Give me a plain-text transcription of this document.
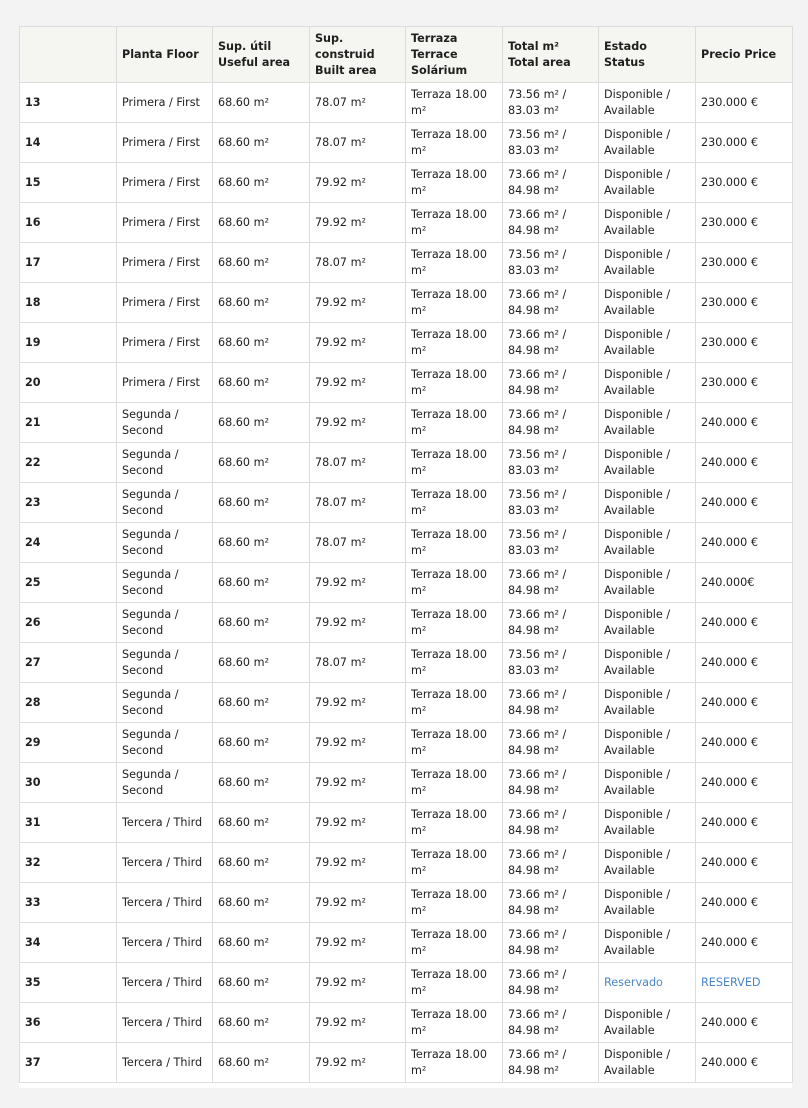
	Planta Floor	Sup. útil Useful area	Sup. construid Built area	Terraza Terrace Solárium	Total m² Total area	Estado Status	Precio Price
13	Primera / First	68.60 m²	78.07 m²	Terraza 18.00 m²	73.56 m² / 83.03 m²	Disponible / Available	230.000 €
14	Primera / First	68.60 m²	78.07 m²	Terraza 18.00 m²	73.56 m² / 83.03 m²	Disponible / Available	230.000 €
15	Primera / First	68.60 m²	79.92 m²	Terraza 18.00 m²	73.66 m² / 84.98 m²	Disponible / Available	230.000 €
16	Primera / First	68.60 m²	79.92 m²	Terraza 18.00 m²	73.66 m² / 84.98 m²	Disponible / Available	230.000 €
17	Primera / First	68.60 m²	78.07 m²	Terraza 18.00 m²	73.56 m² / 83.03 m²	Disponible / Available	230.000 €
18	Primera / First	68.60 m²	79.92 m²	Terraza 18.00 m²	73.66 m² / 84.98 m²	Disponible / Available	230.000 €
19	Primera / First	68.60 m²	79.92 m²	Terraza 18.00 m²	73.66 m² / 84.98 m²	Disponible / Available	230.000 €
20	Primera / First	68.60 m²	79.92 m²	Terraza 18.00 m²	73.66 m² / 84.98 m²	Disponible / Available	230.000 €
21	Segunda / Second	68.60 m²	79.92 m²	Terraza 18.00 m²	73.66 m² / 84.98 m²	Disponible / Available	240.000 €
22	Segunda / Second	68.60 m²	78.07 m²	Terraza 18.00 m²	73.56 m² / 83.03 m²	Disponible / Available	240.000 €
23	Segunda / Second	68.60 m²	78.07 m²	Terraza 18.00 m²	73.56 m² / 83.03 m²	Disponible / Available	240.000 €
24	Segunda / Second	68.60 m²	78.07 m²	Terraza 18.00 m²	73.56 m² / 83.03 m²	Disponible / Available	240.000 €
25	Segunda / Second	68.60 m²	79.92 m²	Terraza 18.00 m²	73.66 m² / 84.98 m²	Disponible / Available	240.000€
26	Segunda / Second	68.60 m²	79.92 m²	Terraza 18.00 m²	73.66 m² / 84.98 m²	Disponible / Available	240.000 €
27	Segunda / Second	68.60 m²	78.07 m²	Terraza 18.00 m²	73.56 m² / 83.03 m²	Disponible / Available	240.000 €
28	Segunda / Second	68.60 m²	79.92 m²	Terraza 18.00 m²	73.66 m² / 84.98 m²	Disponible / Available	240.000 €
29	Segunda / Second	68.60 m²	79.92 m²	Terraza 18.00 m²	73.66 m² / 84.98 m²	Disponible / Available	240.000 €
30	Segunda / Second	68.60 m²	79.92 m²	Terraza 18.00 m²	73.66 m² / 84.98 m²	Disponible / Available	240.000 €
31	Tercera / Third	68.60 m²	79.92 m²	Terraza 18.00 m²	73.66 m² / 84.98 m²	Disponible / Available	240.000 €
32	Tercera / Third	68.60 m²	79.92 m²	Terraza 18.00 m²	73.66 m² / 84.98 m²	Disponible / Available	240.000 €
33	Tercera / Third	68.60 m²	79.92 m²	Terraza 18.00 m²	73.66 m² / 84.98 m²	Disponible / Available	240.000 €
34	Tercera / Third	68.60 m²	79.92 m²	Terraza 18.00 m²	73.66 m² / 84.98 m²	Disponible / Available	240.000 €
35	Tercera / Third	68.60 m²	79.92 m²	Terraza 18.00 m²	73.66 m² / 84.98 m²	Reservado	RESERVED
36	Tercera / Third	68.60 m²	79.92 m²	Terraza 18.00 m²	73.66 m² / 84.98 m²	Disponible / Available	240.000 €
37	Tercera / Third	68.60 m²	79.92 m²	Terraza 18.00 m²	73.66 m² / 84.98 m²	Disponible / Available	240.000 €
